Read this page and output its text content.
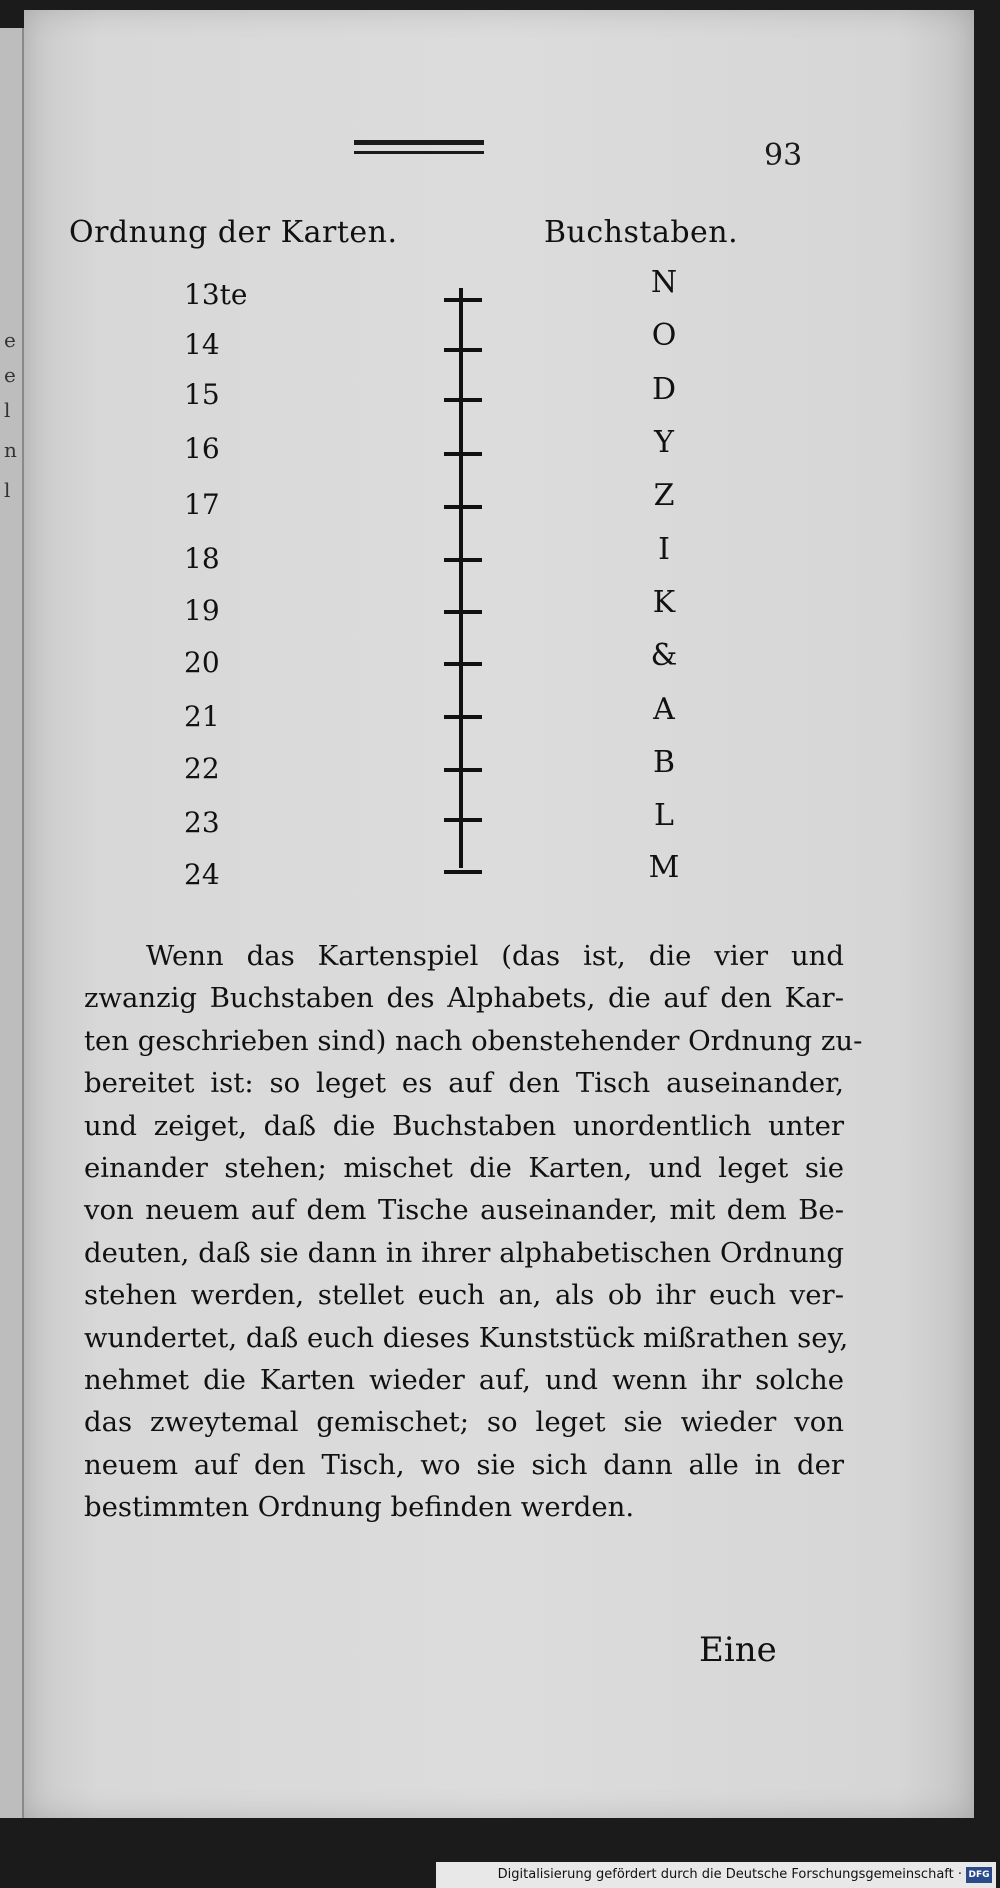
e
e
l
n
l
93
Ordnung der Karten.	Buchstaben.
13te	N
14	O
15	D
16	Y
17	Z
18	I
19	K
20	&
21	A
22	B
23	L
24	M
Wenn das Kartenspiel (das ist, die vier und
zwanzig Buchstaben des Alphabets, die auf den Kar-
ten geschrieben sind) nach obenstehender Ordnung zu-
bereitet ist: so leget es auf den Tisch auseinander,
und zeiget, daß die Buchstaben unordentlich unter
einander stehen; mischet die Karten, und leget sie
von neuem auf dem Tische auseinander, mit dem Be-
deuten, daß sie dann in ihrer alphabetischen Ordnung
stehen werden, stellet euch an, als ob ihr euch ver-
wundertet, daß euch dieses Kunststück mißrathen sey,
nehmet die Karten wieder auf, und wenn ihr solche
das zweytemal gemischet; so leget sie wieder von
neuem auf den Tisch, wo sie sich dann alle in der
bestimmten Ordnung befinden werden.
Eine
Digitalisierung gefördert durch die Deutsche Forschungsgemeinschaft · DFG
